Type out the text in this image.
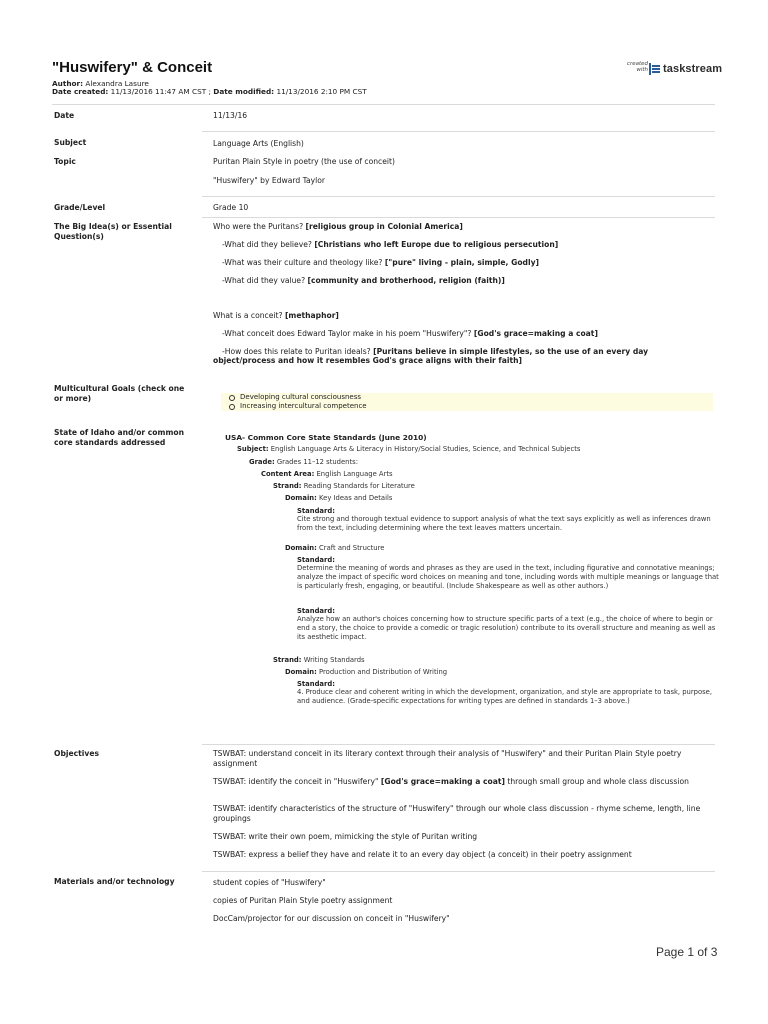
"Huswifery" & Conceit
Author: Alexandra Lasure
Date created: 11/13/2016 11:47 AM CST ; Date modified: 11/13/2016 2:10 PM CST
created with taskstream
Date	11/13/16
Subject	Language Arts (English)
Topic	Puritan Plain Style in poetry (the use of conceit)
"Huswifery" by Edward Taylor
Grade/Level	Grade 10
The Big Idea(s) or Essential Question(s)
Who were the Puritans? [religious group in Colonial America]
-What did they believe? [Christians who left Europe due to religious persecution]
-What was their culture and theology like? ["pure" living - plain, simple, Godly]
-What did they value? [community and brotherhood, religion (faith)]
What is a conceit? [methaphor]
-What conceit does Edward Taylor make in his poem "Huswifery"? [God's grace=making a coat]
-How does this relate to Puritan ideals? [Puritans believe in simple lifestyles, so the use of an every day
object/process and how it resembles God's grace aligns with their faith]
Multicultural Goals (check one or more)	Developing cultural consciousness
Increasing intercultural competence
State of Idaho and/or common core standards addressed
USA- Common Core State Standards (June 2010)
Subject: English Language Arts & Literacy in History/Social Studies, Science, and Technical Subjects
Grade: Grades 11–12 students:
Content Area: English Language Arts
Strand: Reading Standards for Literature
Domain: Key Ideas and Details
Standard:
Cite strong and thorough textual evidence to support analysis of what the text says explicitly as well as inferences drawn from the text, including determining where the text leaves matters uncertain.
Domain: Craft and Structure
Standard:
Determine the meaning of words and phrases as they are used in the text, including figurative and connotative meanings; analyze the impact of specific word choices on meaning and tone, including words with multiple meanings or language that is particularly fresh, engaging, or beautiful. (Include Shakespeare as well as other authors.)
Standard:
Analyze how an author's choices concerning how to structure specific parts of a text (e.g., the choice of where to begin or end a story, the choice to provide a comedic or tragic resolution) contribute to its overall structure and meaning as well as its aesthetic impact.
Strand: Writing Standards
Domain: Production and Distribution of Writing
Standard:
4. Produce clear and coherent writing in which the development, organization, and style are appropriate to task, purpose, and audience. (Grade-specific expectations for writing types are defined in standards 1–3 above.)
Objectives	TSWBAT: understand conceit in its literary context through their analysis of "Huswifery" and their Puritan Plain Style poetry assignment
TSWBAT: identify the conceit in "Huswifery" [God's grace=making a coat] through small group and whole class discussion
TSWBAT: identify characteristics of the structure of "Huswifery" through our whole class discussion - rhyme scheme, length, line groupings
TSWBAT: write their own poem, mimicking the style of Puritan writing
TSWBAT: express a belief they have and relate it to an every day object (a conceit) in their poetry assignment
Materials and/or technology	student copies of "Huswifery"
copies of Puritan Plain Style poetry assignment
DocCam/projector for our discussion on conceit in "Huswifery"
Page 1 of 3
